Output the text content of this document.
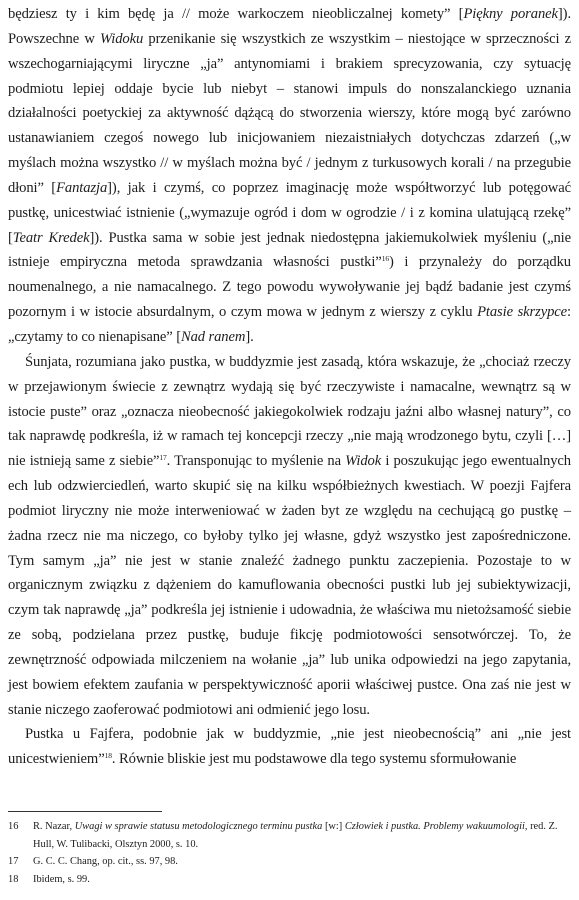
będziesz ty i kim będę ja // może warkoczem nieobliczalnej komety” [Piękny poranek]). Powszechne w Widoku przenikanie się wszystkich ze wszystkim – niestojące w sprzeczności z wszechogarniającymi liryczne „ja” antynomiami i brakiem sprecyzowania, czy sytuację podmiotu lepiej oddaje bycie lub niebyt – stanowi impuls do nonszalanckiego uznania działalności poetyckiej za aktywność dążącą do stworzenia wierszy, które mogą być zarówno ustanawianiem czegoś nowego lub inicjowaniem niezaistniałych dotychczas zdarzeń („w myślach można wszystko // w myślach można być / jednym z turkusowych korali / na przegubie dłoni” [Fantazja]), jak i czymś, co poprzez imaginację może współtworzyć lub potęgować pustkę, unicestwiać istnienie („wymazuje ogród i dom w ogrodzie / i z komina ulatującą rzekę” [Teatr Kredek]). Pustka sama w sobie jest jednak niedostępna jakiemukolwiek myśleniu („nie istnieje empiryczna metoda sprawdzania własności pustki”$^{16}$) i przynależy do porządku noumenalnego, a nie namacalnego. Z tego powodu wywoływanie jej bądź badanie jest czymś pozornym i w istocie absurdalnym, o czym mowa w jednym z wierszy z cyklu Ptasie skrzypce: „czytamy to co nienapisane” [Nad ranem].

Śunjata, rozumiana jako pustka, w buddyzmie jest zasadą, która wskazuje, że „chociaż rzeczy w przejawionym świecie z zewnątrz wydają się być rzeczywiste i namacalne, wewnątrz są w istocie puste” oraz „oznacza nieobecność jakiegokolwiek rodzaju jaźni albo własnej natury”, co tak naprawdę podkreśla, iż w ramach tej koncepcji rzeczy „nie mają wrodzonego bytu, czyli […] nie istnieją same z siebie”$^{17}$. Transponując to myślenie na Widok i poszukując jego ewentualnych ech lub odzwierciedleń, warto skupić się na kilku współbieżnych kwestiach. W poezji Fajfera podmiot liryczny nie może interweniować w żaden byt ze względu na cechującą go pustkę – żadna rzecz nie ma niczego, co byłoby tylko jej własne, gdyż wszystko jest zapośredniczone. Tym samym „ja” nie jest w stanie znaleźć żadnego punktu zaczepienia. Pozostaje to w organicznym związku z dążeniem do kamuflowania obecności pustki lub jej subiektywizacji, czym tak naprawdę „ja” podkreśla jej istnienie i udowadnia, że właściwa mu nietożsamość siebie ze sobą, podzielana przez pustkę, buduje fikcję podmiotowości sensotwórczej. To, że zewnętrzność odpowiada milczeniem na wołanie „ja” lub unika odpowiedzi na jego zapytania, jest bowiem efektem zaufania w perspektywiczność aporii właściwej pustce. Ona zaś nie jest w stanie niczego zaoferować podmiotowi ani odmienić jego losu.

Pustka u Fajfera, podobnie jak w buddyzmie, „nie jest nieobecnością” ani „nie jest unicestwieniem”$^{18}$. Równie bliskie jest mu podstawowe dla tego systemu sformułowanie

16 R. Nazar, Uwagi w sprawie statusu metodologicznego terminu pustka [w:] Człowiek i pustka. Problemy wakuumologii, red. Z. Hull, W. Tulibacki, Olsztyn 2000, s. 10.
17 G. C. C. Chang, op. cit., ss. 97, 98.
18 Ibidem, s. 99.
